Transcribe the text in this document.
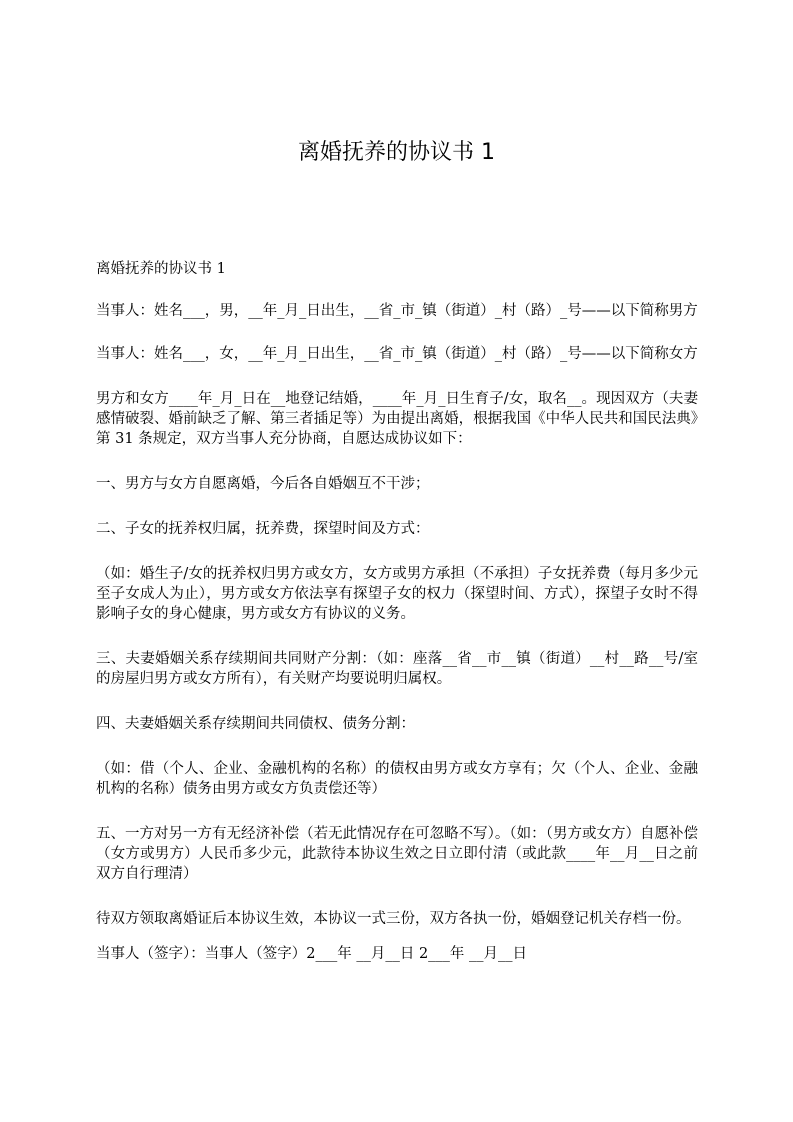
离婚抚养的协议书 1

离婚抚养的协议书 1

当事人：姓名___，男，__年_月_日出生，__省_市_镇（街道）_村（路）_号——以下简称男方

当事人：姓名___，女，__年_月_日出生，__省_市_镇（街道）_村（路）_号——以下简称女方

男方和女方____年_月_日在__地登记结婚，____年_月_日生育子/女，取名__。现因双方（夫妻感情破裂、婚前缺乏了解、第三者插足等）为由提出离婚，根据我国《中华人民共和国民法典》第 31 条规定，双方当事人充分协商，自愿达成协议如下：

一、男方与女方自愿离婚，今后各自婚姻互不干涉；

二、子女的抚养权归属，抚养费，探望时间及方式：

（如：婚生子/女的抚养权归男方或女方，女方或男方承担（不承担）子女抚养费（每月多少元至子女成人为止），男方或女方依法享有探望子女的权力（探望时间、方式），探望子女时不得影响子女的身心健康，男方或女方有协议的义务。

三、夫妻婚姻关系存续期间共同财产分割：（如：座落__省__市__镇（街道）__村__路__号/室的房屋归男方或女方所有），有关财产均要说明归属权。

四、夫妻婚姻关系存续期间共同债权、债务分割：

（如：借（个人、企业、金融机构的名称）的债权由男方或女方享有；欠（个人、企业、金融机构的名称）债务由男方或女方负责偿还等）

五、一方对另一方有无经济补偿（若无此情况存在可忽略不写）。（如：（男方或女方）自愿补偿（女方或男方）人民币多少元，此款待本协议生效之日立即付清（或此款____年__月__日之前双方自行理清）

待双方领取离婚证后本协议生效，本协议一式三份，双方各执一份，婚姻登记机关存档一份。

当事人（签字）：当事人（签字）2___年 __月__日 2___年 __月__日
